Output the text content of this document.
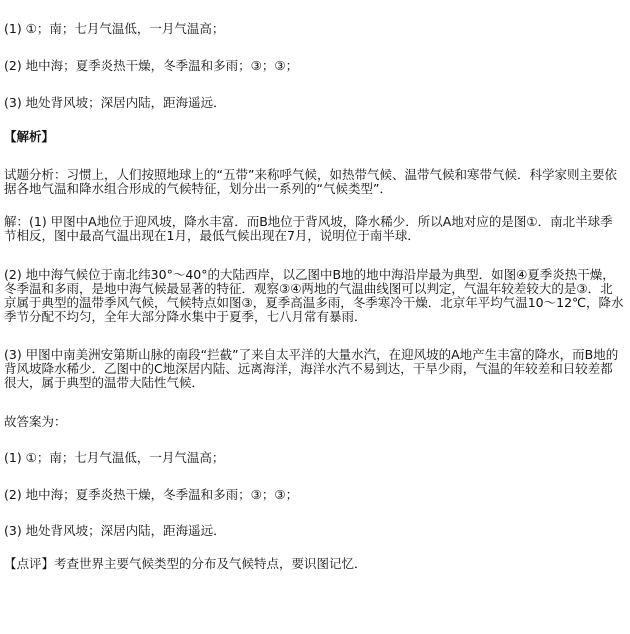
(1) ①；南；七月气温低，一月气温高；
(2) 地中海；夏季炎热干燥，冬季温和多雨；③；③；
(3) 地处背风坡；深居内陆，距海遥远．
【解析】
试题分析：习惯上，人们按照地球上的“五带”来称呼气候，如热带气候、温带气候和寒带气候．科学家则主要依据各地气温和降水组合形成的气候特征，划分出一系列的“气候类型”．
解：(1) 甲图中A地位于迎风坡，降水丰富．而B地位于背风坡，降水稀少．所以A地对应的是图①．南北半球季节相反，图中最高气温出现在1月，最低气候出现在7月，说明位于南半球．
(2) 地中海气候位于南北纬30°～40°的大陆西岸，以乙图中B地的地中海沿岸最为典型．如图④夏季炎热干燥，冬季温和多雨，是地中海气候最显著的特征．观察③④两地的气温曲线图可以判定，气温年较差较大的是③．北京属于典型的温带季风气候，气候特点如图③，夏季高温多雨，冬季寒冷干燥．北京年平均气温10～12℃，降水季节分配不均匀，全年大部分降水集中于夏季，七八月常有暴雨．
(3) 甲图中南美洲安第斯山脉的南段“拦截”了来自太平洋的大量水汽，在迎风坡的A地产生丰富的降水，而B地的背风坡降水稀少．乙图中的C地深居内陆、远离海洋，海洋水汽不易到达，干旱少雨，气温的年较差和日较差都很大，属于典型的温带大陆性气候．
故答案为：
(1) ①；南；七月气温低，一月气温高；
(2) 地中海；夏季炎热干燥，冬季温和多雨；③；③；
(3) 地处背风坡；深居内陆，距海遥远．
【点评】考查世界主要气候类型的分布及气候特点，要识图记忆．
